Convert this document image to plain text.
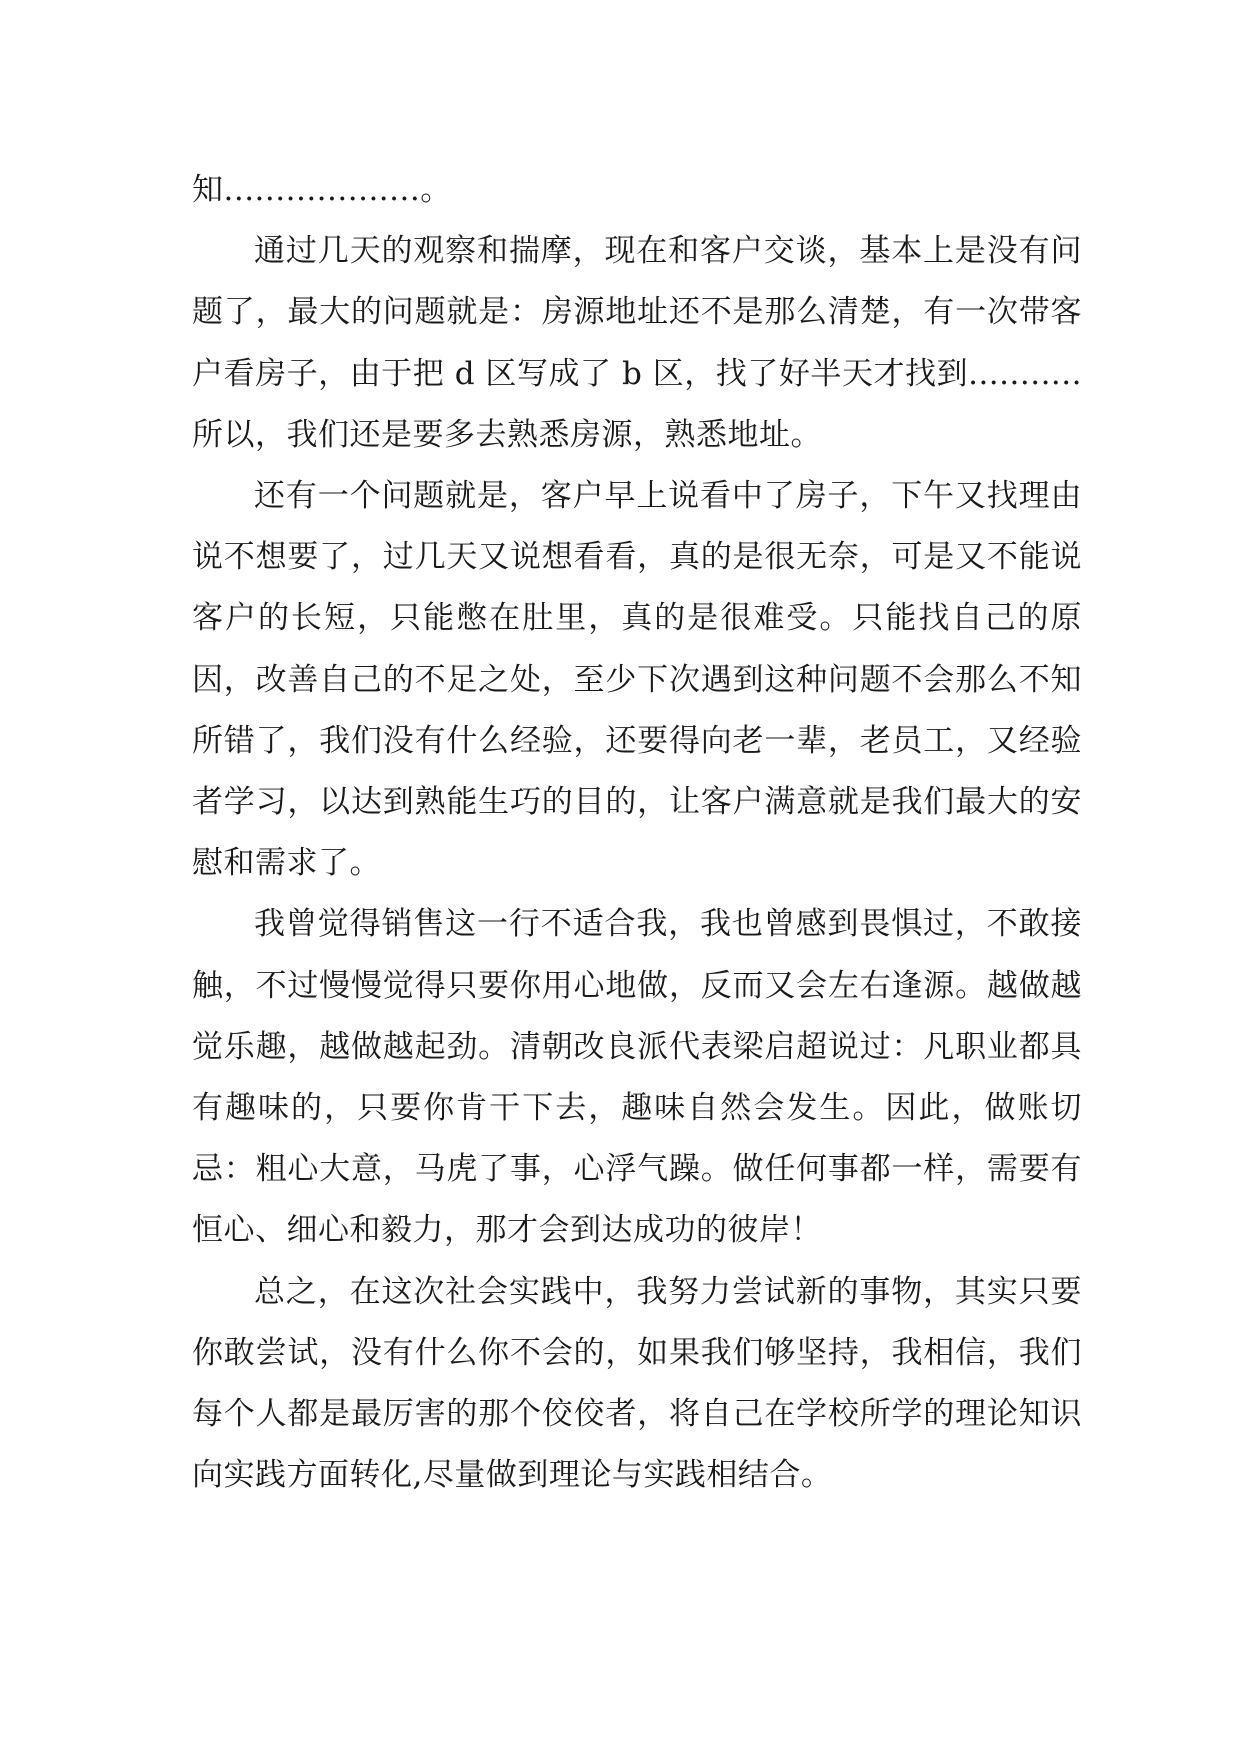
知...................。

通过几天的观察和揣摩，现在和客户交谈，基本上是没有问题了，最大的问题就是：房源地址还不是那么清楚，有一次带客户看房子，由于把 d 区写成了 b 区，找了好半天才找到...........所以，我们还是要多去熟悉房源，熟悉地址。

还有一个问题就是，客户早上说看中了房子，下午又找理由说不想要了，过几天又说想看看，真的是很无奈，可是又不能说客户的长短，只能憋在肚里，真的是很难受。只能找自己的原因，改善自己的不足之处，至少下次遇到这种问题不会那么不知所错了，我们没有什么经验，还要得向老一辈，老员工，又经验者学习，以达到熟能生巧的目的，让客户满意就是我们最大的安慰和需求了。

我曾觉得销售这一行不适合我，我也曾感到畏惧过，不敢接触，不过慢慢觉得只要你用心地做，反而又会左右逢源。越做越觉乐趣，越做越起劲。清朝改良派代表梁启超说过：凡职业都具有趣味的，只要你肯干下去，趣味自然会发生。因此，做账切忌：粗心大意，马虎了事，心浮气躁。做任何事都一样，需要有恒心、细心和毅力，那才会到达成功的彼岸！

总之，在这次社会实践中，我努力尝试新的事物，其实只要你敢尝试，没有什么你不会的，如果我们够坚持，我相信，我们每个人都是最厉害的那个佼佼者，将自己在学校所学的理论知识向实践方面转化,尽量做到理论与实践相结合。
